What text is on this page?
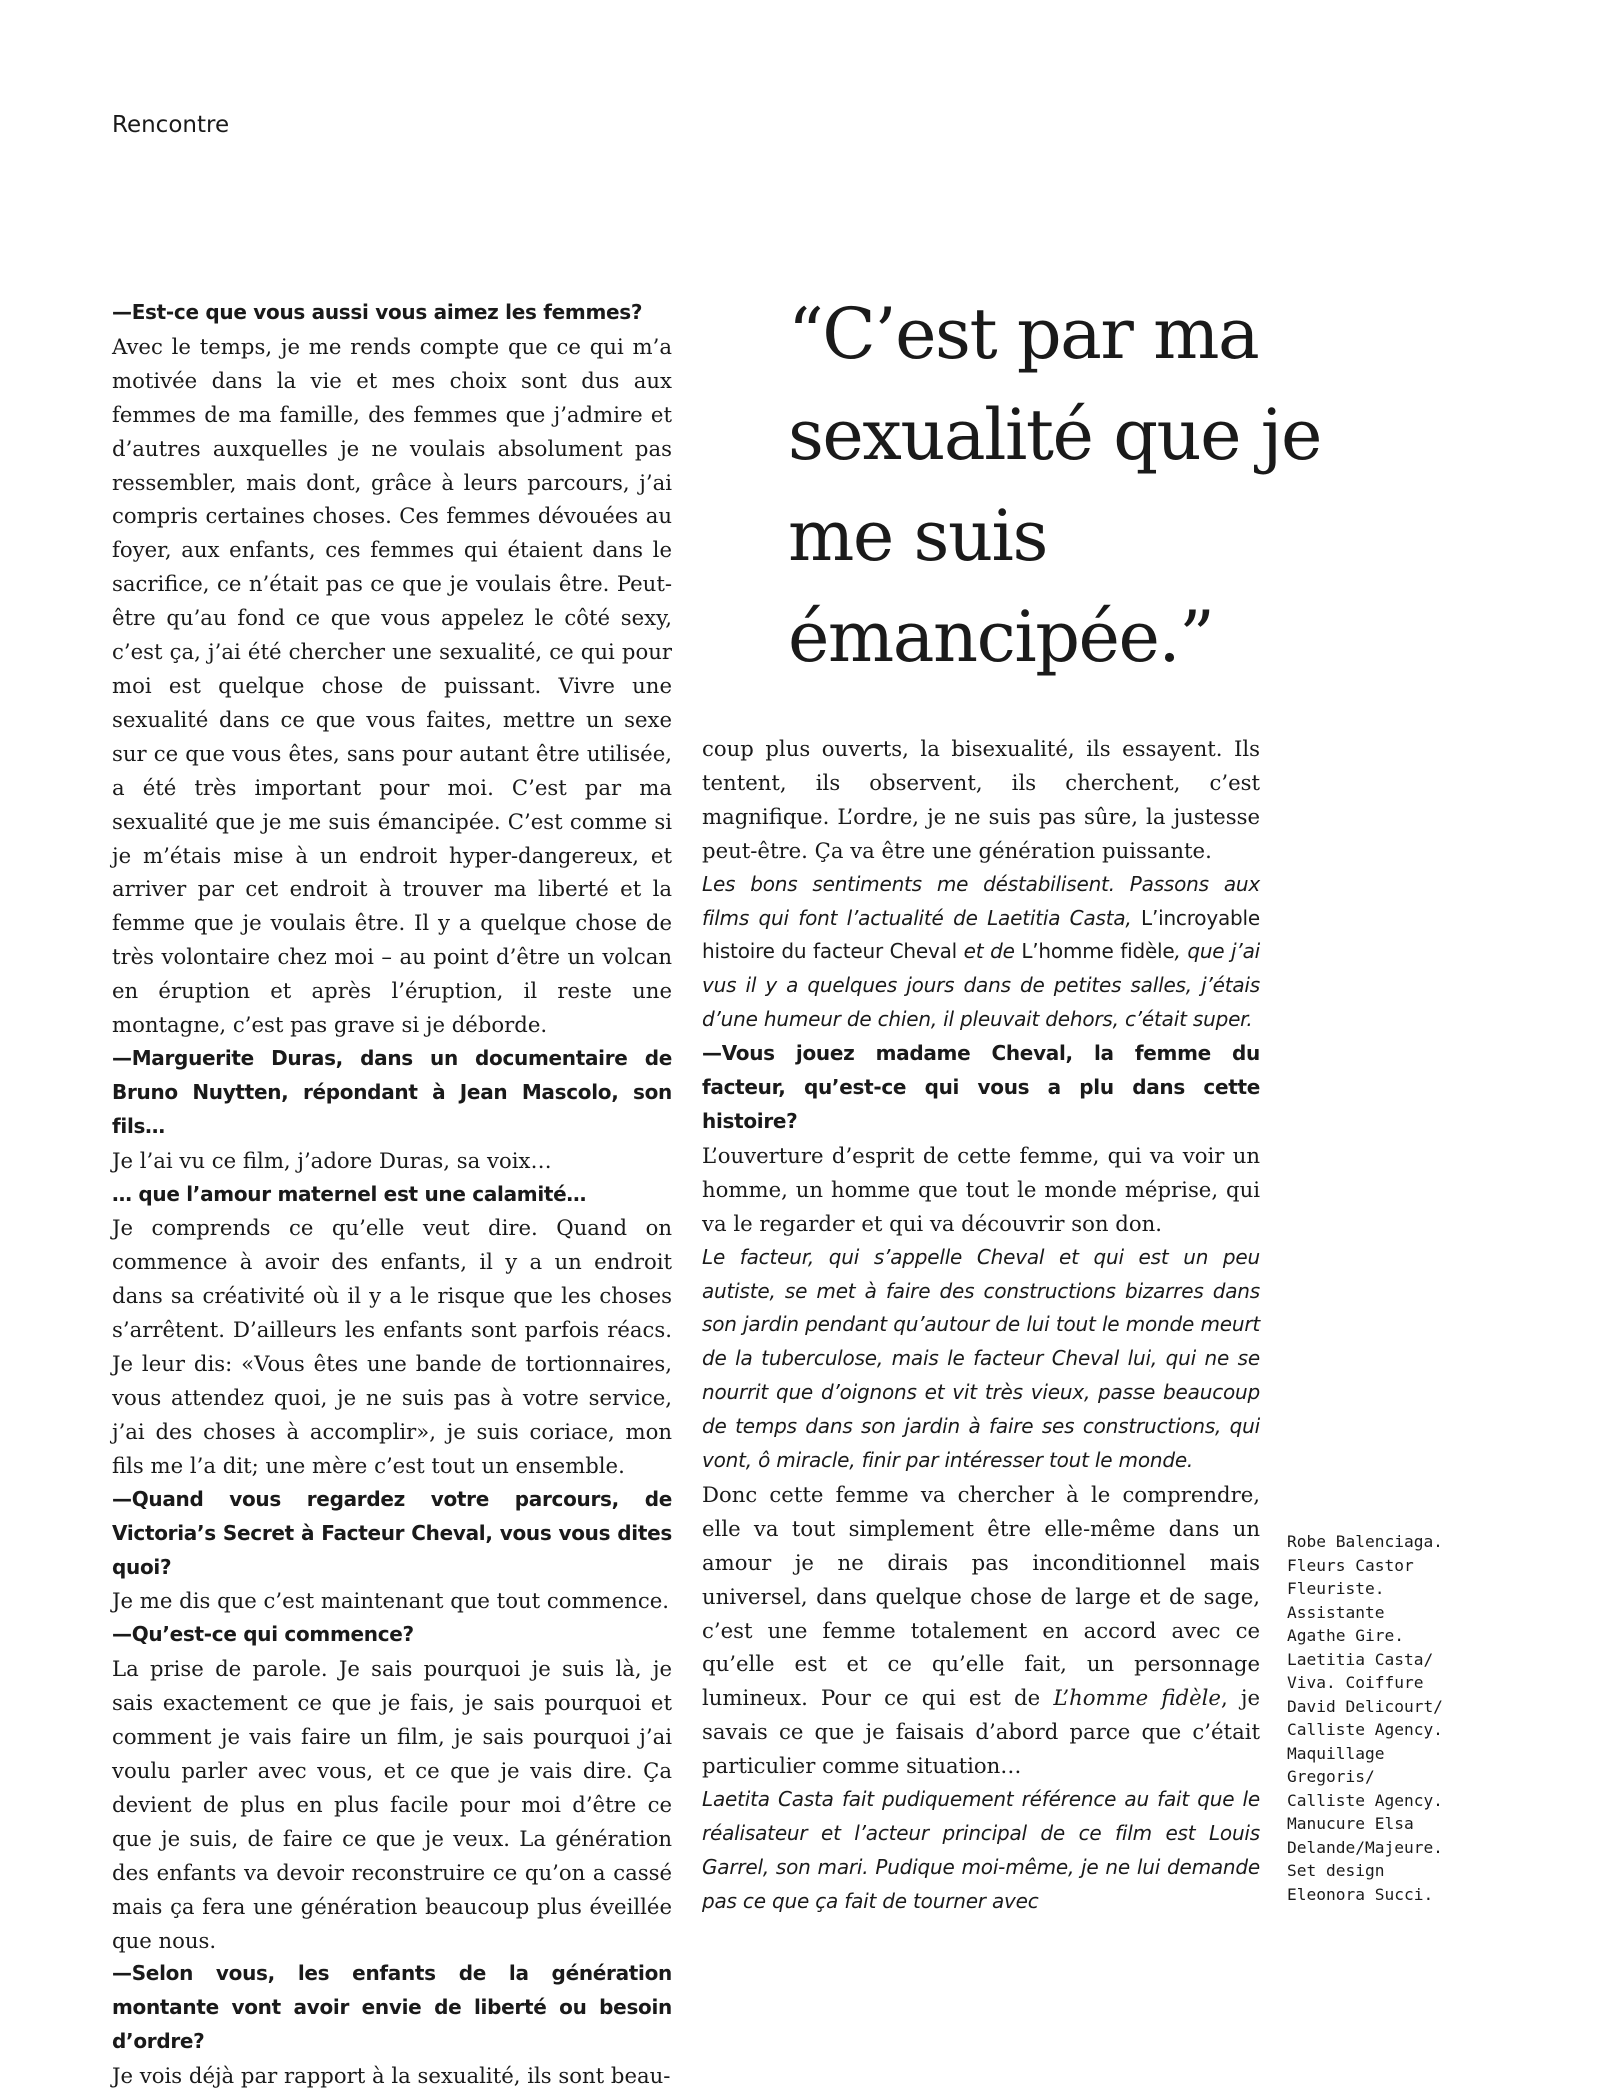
Rencontre

—Est-ce que vous aussi vous aimez les femmes?

Avec le temps, je me rends compte que ce qui m’a motivée dans la vie et mes choix sont dus aux femmes de ma famille, des femmes que j’admire et d’autres auxquelles je ne voulais absolument pas ressembler, mais dont, grâce à leurs parcours, j’ai compris certaines choses. Ces femmes dévouées au foyer, aux enfants, ces femmes qui étaient dans le sacrifice, ce n’était pas ce que je voulais être. Peut-être qu’au fond ce que vous appelez le côté sexy, c’est ça, j’ai été chercher une sexualité, ce qui pour moi est quelque chose de puissant. Vivre une sexualité dans ce que vous faites, mettre un sexe sur ce que vous êtes, sans pour autant être utilisée, a été très important pour moi. C’est par ma sexualité que je me suis émancipée. C’est comme si je m’étais mise à un endroit hyper-dangereux, et arriver par cet endroit à trouver ma liberté et la femme que je voulais être. Il y a quelque chose de très volontaire chez moi – au point d’être un volcan en éruption et après l’éruption, il reste une montagne, c’est pas grave si je déborde.

—Marguerite Duras, dans un documentaire de Bruno Nuytten, répondant à Jean Mascolo, son fils…

Je l’ai vu ce film, j’adore Duras, sa voix…

… que l’amour maternel est une calamité…

Je comprends ce qu’elle veut dire. Quand on commence à avoir des enfants, il y a un endroit dans sa créativité où il y a le risque que les choses s’arrêtent. D’ailleurs les enfants sont parfois réacs. Je leur dis: «Vous êtes une bande de tortionnaires, vous attendez quoi, je ne suis pas à votre service, j’ai des choses à accomplir», je suis coriace, mon fils me l’a dit; une mère c’est tout un ensemble.

—Quand vous regardez votre parcours, de Victoria’s Secret à Facteur Cheval, vous vous dites quoi?

Je me dis que c’est maintenant que tout commence.

—Qu’est-ce qui commence?

La prise de parole. Je sais pourquoi je suis là, je sais exactement ce que je fais, je sais pourquoi et comment je vais faire un film, je sais pourquoi j’ai voulu parler avec vous, et ce que je vais dire. Ça devient de plus en plus facile pour moi d’être ce que je suis, de faire ce que je veux. La génération des enfants va devoir reconstruire ce qu’on a cassé mais ça fera une génération beaucoup plus éveillée que nous.

—Selon vous, les enfants de la génération montante vont avoir envie de liberté ou besoin d’ordre?

Je vois déjà par rapport à la sexualité, ils sont beau-

“C’est par ma sexualité que je me suis émancipée.”

coup plus ouverts, la bisexualité, ils essayent. Ils tentent, ils observent, ils cherchent, c’est magnifique. L’ordre, je ne suis pas sûre, la justesse peut-être. Ça va être une génération puissante.

Les bons sentiments me déstabilisent. Passons aux films qui font l’actualité de Laetitia Casta, L’incroyable histoire du facteur Cheval et de L’homme fidèle, que j’ai vus il y a quelques jours dans de petites salles, j’étais d’une humeur de chien, il pleuvait dehors, c’était super.

—Vous jouez madame Cheval, la femme du facteur, qu’est-ce qui vous a plu dans cette histoire?

L’ouverture d’esprit de cette femme, qui va voir un homme, un homme que tout le monde méprise, qui va le regarder et qui va découvrir son don.

Le facteur, qui s’appelle Cheval et qui est un peu autiste, se met à faire des constructions bizarres dans son jardin pendant qu’autour de lui tout le monde meurt de la tuberculose, mais le facteur Cheval lui, qui ne se nourrit que d’oignons et vit très vieux, passe beaucoup de temps dans son jardin à faire ses constructions, qui vont, ô miracle, finir par intéresser tout le monde.

Donc cette femme va chercher à le comprendre, elle va tout simplement être elle-même dans un amour je ne dirais pas inconditionnel mais universel, dans quelque chose de large et de sage, c’est une femme totalement en accord avec ce qu’elle est et ce qu’elle fait, un personnage lumineux. Pour ce qui est de L’homme fidèle, je savais ce que je faisais d’abord parce que c’était particulier comme situation…

Laetita Casta fait pudiquement référence au fait que le réalisateur et l’acteur principal de ce film est Louis Garrel, son mari. Pudique moi-même, je ne lui demande pas ce que ça fait de tourner avec

Robe Balenciaga.
Fleurs Castor
Fleuriste.
Assistante
Agathe Gire.
Laetitia Casta/
Viva. Coiffure
David Delicourt/
Calliste Agency.
Maquillage
Gregoris/
Calliste Agency.
Manucure Elsa
Delande/Majeure.
Set design
Eleonora Succi.
